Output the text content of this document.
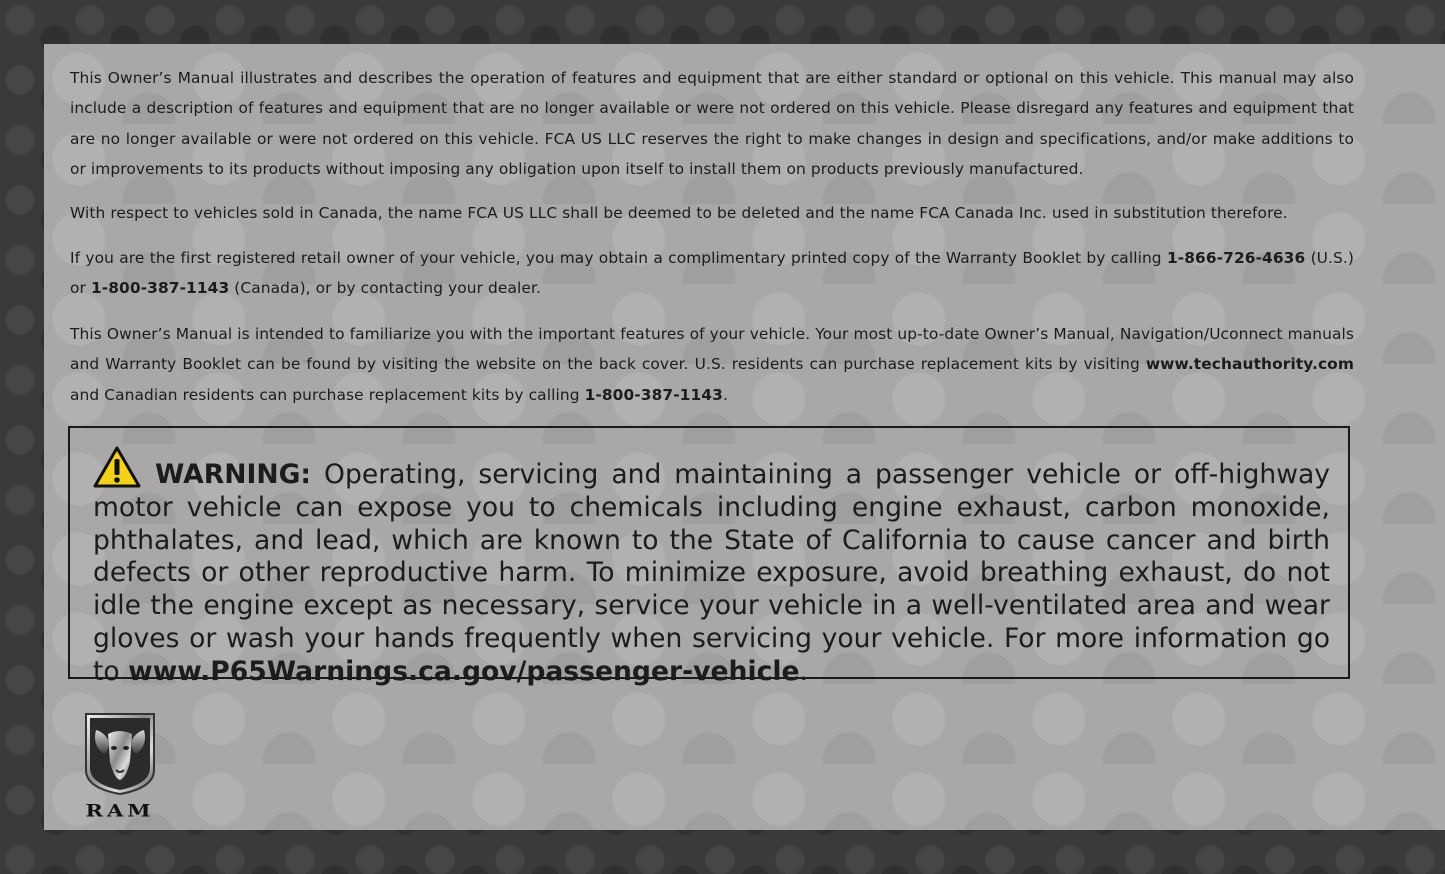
This Owner’s Manual illustrates and describes the operation of features and equipment that are either standard or optional on this vehicle. This manual may also include a description of features and equipment that are no longer available or were not ordered on this vehicle. Please disregard any features and equipment that are no longer available or were not ordered on this vehicle. FCA US LLC reserves the right to make changes in design and specifications, and/or make additions to or improvements to its products without imposing any obligation upon itself to install them on products previously manufactured.

With respect to vehicles sold in Canada, the name FCA US LLC shall be deemed to be deleted and the name FCA Canada Inc. used in substitution therefore.

If you are the first registered retail owner of your vehicle, you may obtain a complimentary printed copy of the Warranty Booklet by calling 1-866-726-4636 (U.S.) or 1-800-387-1143 (Canada), or by contacting your dealer.

This Owner’s Manual is intended to familiarize you with the important features of your vehicle. Your most up-to-date Owner’s Manual, Navigation/Uconnect manuals and Warranty Booklet can be found by visiting the website on the back cover. U.S. residents can purchase replacement kits by visiting www.techauthority.com and Canadian residents can purchase replacement kits by calling 1-800-387-1143.

WARNING: Operating, servicing and maintaining a passenger vehicle or off-highway motor vehicle can expose you to chemicals including engine exhaust, carbon monoxide, phthalates, and lead, which are known to the State of California to cause cancer and birth defects or other reproductive harm. To minimize exposure, avoid breathing exhaust, do not idle the engine except as necessary, service your vehicle in a well-ventilated area and wear gloves or wash your hands frequently when servicing your vehicle. For more information go to www.P65Warnings.ca.gov/passenger-vehicle.

RAM
